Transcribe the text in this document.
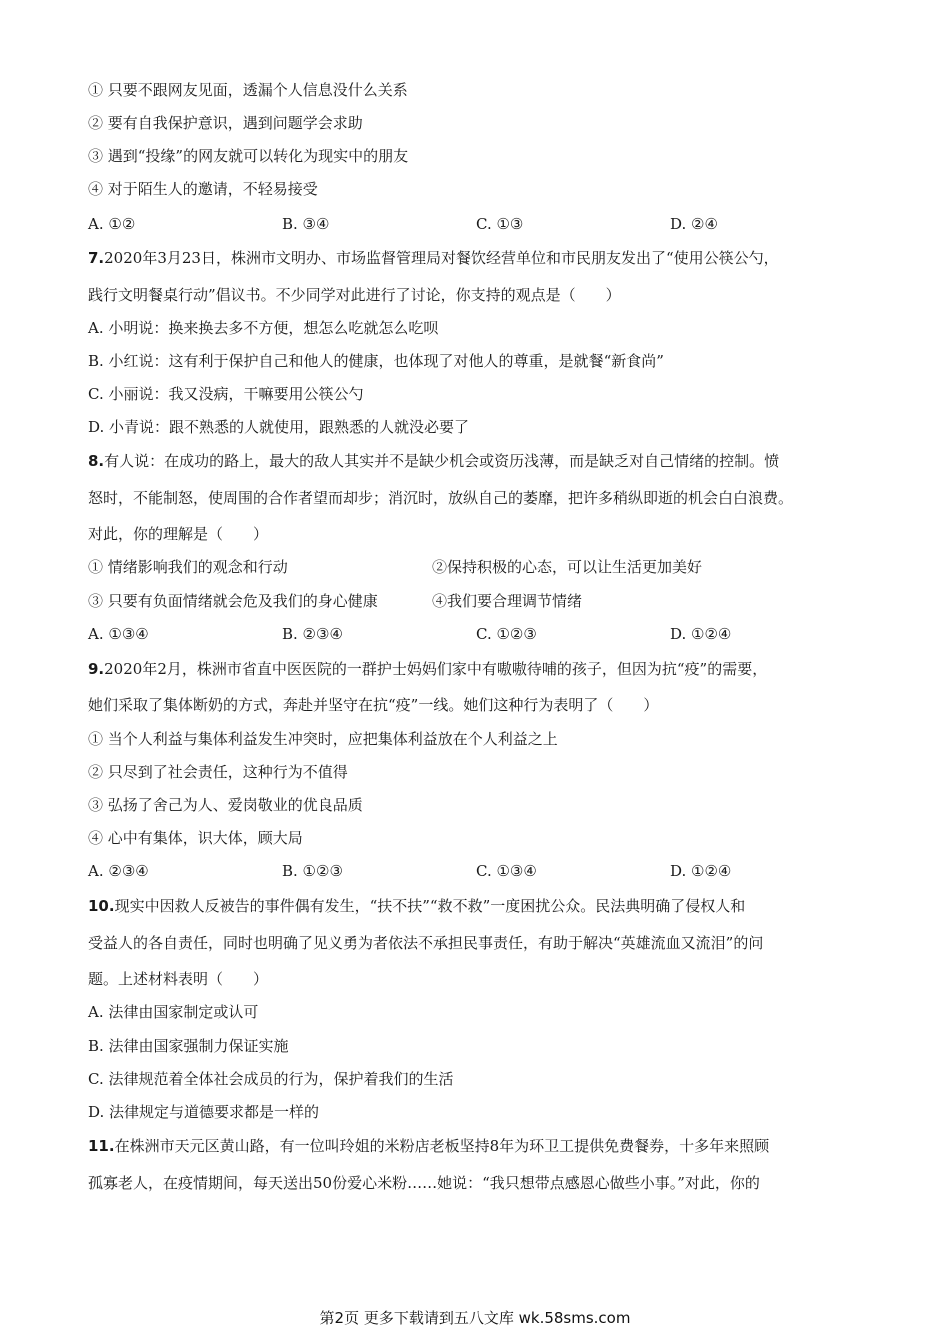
① 只要不跟网友见面，透漏个人信息没什么关系
② 要有自我保护意识，遇到问题学会求助
③ 遇到“投缘”的网友就可以转化为现实中的朋友
④ 对于陌生人的邀请，不轻易接受
A. ①②	B. ③④	C. ①③	D. ②④
7.2020年3月23日，株洲市文明办、市场监督管理局对餐饮经营单位和市民朋友发出了“使用公筷公勺，
践行文明餐桌行动”倡议书。不少同学对此进行了讨论，你支持的观点是（　　）
A. 小明说：换来换去多不方便，想怎么吃就怎么吃呗
B. 小红说：这有利于保护自己和他人的健康，也体现了对他人的尊重，是就餐“新食尚”
C. 小丽说：我又没病，干嘛要用公筷公勺
D. 小青说：跟不熟悉的人就使用，跟熟悉的人就没必要了
8.有人说：在成功的路上，最大的敌人其实并不是缺少机会或资历浅薄，而是缺乏对自己情绪的控制。愤
怒时，不能制怒，使周围的合作者望而却步；消沉时，放纵自己的萎靡，把许多稍纵即逝的机会白白浪费。
对此，你的理解是（　　）
① 情绪影响我们的观念和行动	②保持积极的心态，可以让生活更加美好
③ 只要有负面情绪就会危及我们的身心健康	④我们要合理调节情绪
A. ①③④	B. ②③④	C. ①②③	D. ①②④
9.2020年2月，株洲市省直中医医院的一群护士妈妈们家中有嗷嗷待哺的孩子，但因为抗“疫”的需要，
她们采取了集体断奶的方式，奔赴并坚守在抗“疫”一线。她们这种行为表明了（　　）
① 当个人利益与集体利益发生冲突时，应把集体利益放在个人利益之上
② 只尽到了社会责任，这种行为不值得
③ 弘扬了舍己为人、爱岗敬业的优良品质
④ 心中有集体，识大体，顾大局
A. ②③④	B. ①②③	C. ①③④	D. ①②④
10.现实中因救人反被告的事件偶有发生，“扶不扶”“救不救”一度困扰公众。民法典明确了侵权人和
受益人的各自责任，同时也明确了见义勇为者依法不承担民事责任，有助于解决“英雄流血又流泪”的问
题。上述材料表明（　　）
A. 法律由国家制定或认可
B. 法律由国家强制力保证实施
C. 法律规范着全体社会成员的行为，保护着我们的生活
D. 法律规定与道德要求都是一样的
11.在株洲市天元区黄山路，有一位叫玲姐的米粉店老板坚持8年为环卫工提供免费餐券，十多年来照顾
孤寡老人，在疫情期间，每天送出50份爱心米粉……她说：“我只想带点感恩心做些小事。”对此，你的
第2页 更多下载请到五八文库 wk.58sms.com
